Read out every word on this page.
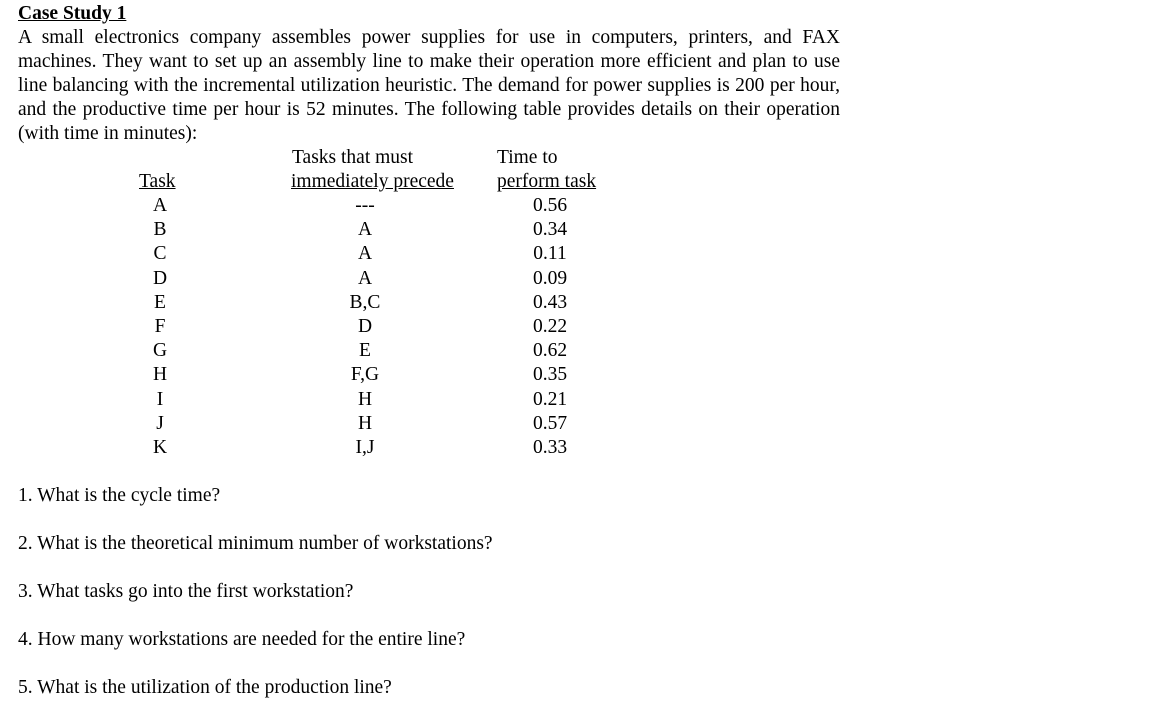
Case Study 1

A small electronics company assembles power supplies for use in computers, printers, and FAX machines. They want to set up an assembly line to make their operation more efficient and plan to use line balancing with the incremental utilization heuristic. The demand for power supplies is 200 per hour, and the productive time per hour is 52 minutes. The following table provides details on their operation (with time in minutes):

Task
Tasks that must
immediately precede
Time to
perform task
A
B
C
D
E
F
G
H
I
J
K
---
A
A
A
B,C
D
E
F,G
H
H
I,J
0.56
0.34
0.11
0.09
0.43
0.22
0.62
0.35
0.21
0.57
0.33
1. What is the cycle time?
2. What is the theoretical minimum number of workstations?
3. What tasks go into the first workstation?
4. How many workstations are needed for the entire line?
5. What is the utilization of the production line?
